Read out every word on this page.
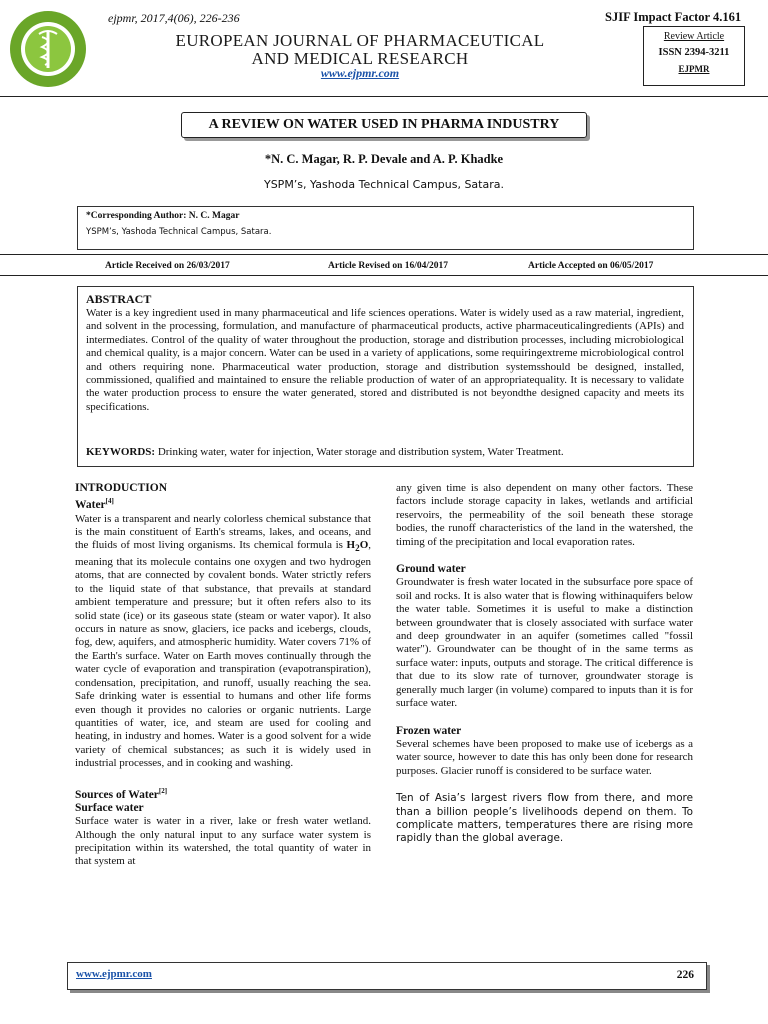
ejpmr, 2017,4(06), 226-236
EUROPEAN JOURNAL OF PHARMACEUTICAL
AND MEDICAL RESEARCH
www.ejpmr.com
SJIF Impact Factor 4.161
Review Article
ISSN 2394-3211
EJPMR
A REVIEW ON WATER USED IN PHARMA INDUSTRY
*N. C. Magar, R. P. Devale and A. P. Khadke
YSPM’s, Yashoda Technical Campus, Satara.
*Corresponding Author: N. C. Magar
YSPM’s, Yashoda Technical Campus, Satara.
Article Received on 26/03/2017	Article Revised on 16/04/2017	Article Accepted on 06/05/2017
ABSTRACT
Water is a key ingredient used in many pharmaceutical and life sciences operations. Water is widely used as a raw material, ingredient, and solvent in the processing, formulation, and manufacture of pharmaceutical products, active pharmaceuticalingredients (APIs) and intermediates. Control of the quality of water throughout the production, storage and distribution processes, including microbiological and chemical quality, is a major concern. Water can be used in a variety of applications, some requiringextreme microbiological control and others requiring none. Pharmaceutical water production, storage and distribution systemsshould be designed, installed, commissioned, qualified and maintained to ensure the reliable production of water of an appropriatequality. It is necessary to validate the water production process to ensure the water generated, stored and distributed is not beyondthe designed capacity and meets its specifications.
KEYWORDS: Drinking water, water for injection, Water storage and distribution system, Water Treatment.
INTRODUCTION
Water[4]
Water is a transparent and nearly colorless chemical substance that is the main constituent of Earth's streams, lakes, and oceans, and the fluids of most living organisms. Its chemical formula is $H_2O$, meaning that its molecule contains one oxygen and two hydrogen atoms, that are connected by covalent bonds. Water strictly refers to the liquid state of that substance, that prevails at standard ambient temperature and pressure; but it often refers also to its solid state (ice) or its gaseous state (steam or water vapor). It also occurs in nature as snow, glaciers, ice packs and icebergs, clouds, fog, dew, aquifers, and atmospheric humidity. Water covers 71% of the Earth's surface. Water on Earth moves continually through the water cycle of evaporation and transpiration (evapotranspiration), condensation, precipitation, and runoff, usually reaching the sea. Safe drinking water is essential to humans and other life forms even though it provides no calories or organic nutrients. Large quantities of water, ice, and steam are used for cooling and heating, in industry and homes. Water is a good solvent for a wide variety of chemical substances; as such it is widely used in industrial processes, and in cooking and washing.
Sources of Water[2]
Surface water
Surface water is water in a river, lake or fresh water wetland. Although the only natural input to any surface water system is precipitation within its watershed, the total quantity of water in that system at
any given time is also dependent on many other factors. These factors include storage capacity in lakes, wetlands and artificial reservoirs, the permeability of the soil beneath these storage bodies, the runoff characteristics of the land in the watershed, the timing of the precipitation and local evaporation rates.
Ground water
Groundwater is fresh water located in the subsurface pore space of soil and rocks. It is also water that is flowing withinaquifers below the water table. Sometimes it is useful to make a distinction between groundwater that is closely associated with surface water and deep groundwater in an aquifer (sometimes called "fossil water"). Groundwater can be thought of in the same terms as surface water: inputs, outputs and storage. The critical difference is that due to its slow rate of turnover, groundwater storage is generally much larger (in volume) compared to inputs than it is for surface water.
Frozen water
Several schemes have been proposed to make use of icebergs as a water source, however to date this has only been done for research purposes. Glacier runoff is considered to be surface water.
Ten of Asia’s largest rivers flow from there, and more than a billion people’s livelihoods depend on them. To complicate matters, temperatures there are rising more rapidly than the global average.
www.ejpmr.com	226
